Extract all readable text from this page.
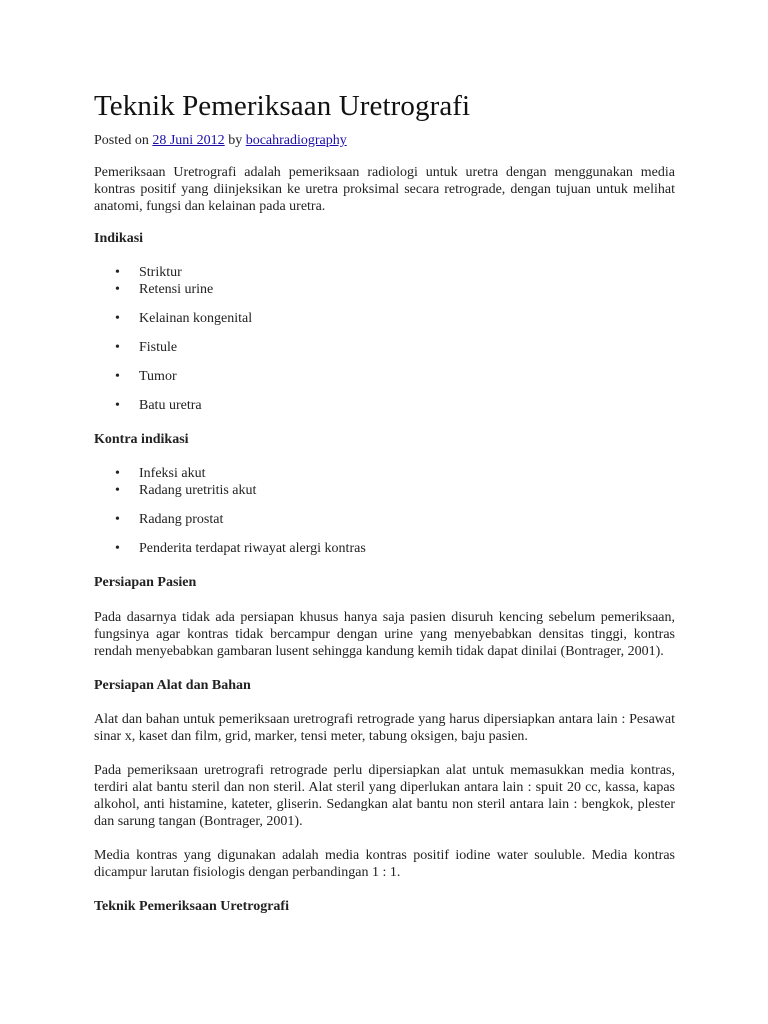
Teknik Pemeriksaan Uretrografi
Posted on 28 Juni 2012 by bocahradiography

Pemeriksaan Uretrografi adalah pemeriksaan radiologi untuk uretra dengan menggunakan media kontras positif yang diinjeksikan ke uretra proksimal secara retrograde, dengan tujuan untuk melihat anatomi, fungsi dan kelainan pada uretra.

Indikasi
• Striktur
• Retensi urine
• Kelainan kongenital
• Fistule
• Tumor
• Batu uretra
Kontra indikasi
• Infeksi akut
• Radang uretritis akut
• Radang prostat
• Penderita terdapat riwayat alergi kontras
Persiapan Pasien

Pada dasarnya tidak ada persiapan khusus hanya saja pasien disuruh kencing sebelum pemeriksaan, fungsinya agar kontras tidak bercampur dengan urine yang menyebabkan densitas tinggi, kontras rendah menyebabkan gambaran lusent sehingga kandung kemih tidak dapat dinilai (Bontrager, 2001).

Persiapan Alat dan Bahan

Alat dan bahan untuk pemeriksaan uretrografi retrograde yang harus dipersiapkan antara lain : Pesawat sinar x, kaset dan film, grid, marker, tensi meter, tabung oksigen, baju pasien.

Pada pemeriksaan uretrografi retrograde perlu dipersiapkan alat untuk memasukkan media kontras, terdiri alat bantu steril dan non steril. Alat steril yang diperlukan antara lain : spuit 20 cc, kassa, kapas alkohol, anti histamine, kateter, gliserin. Sedangkan alat bantu non steril antara lain : bengkok, plester dan sarung tangan (Bontrager, 2001).

Media kontras yang digunakan adalah media kontras positif iodine water souluble. Media kontras dicampur larutan fisiologis dengan perbandingan 1 : 1.

Teknik Pemeriksaan Uretrografi
